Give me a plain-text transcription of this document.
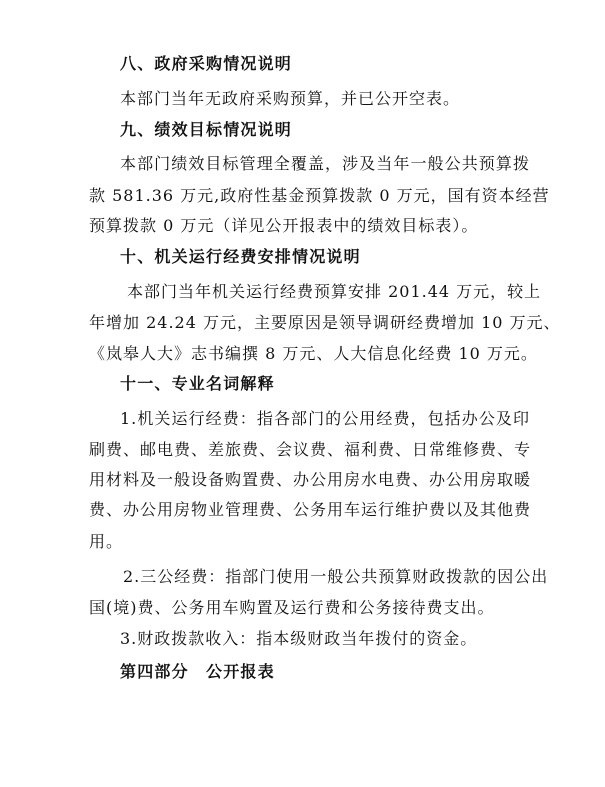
八、政府采购情况说明
本部门当年无政府采购预算，并已公开空表。
九、绩效目标情况说明
本部门绩效目标管理全覆盖，涉及当年一般公共预算拨
款 581.36 万元,政府性基金预算拨款 0 万元，国有资本经营
预算拨款 0 万元（详见公开报表中的绩效目标表）。
十、机关运行经费安排情况说明
本部门当年机关运行经费预算安排 201.44 万元，较上
年增加 24.24 万元，主要原因是领导调研经费增加 10 万元、
《岚皋人大》志书编撰 8 万元、人大信息化经费 10 万元。
十一、专业名词解释
1.机关运行经费：指各部门的公用经费，包括办公及印
刷费、邮电费、差旅费、会议费、福利费、日常维修费、专
用材料及一般设备购置费、办公用房水电费、办公用房取暖
费、办公用房物业管理费、公务用车运行维护费以及其他费
用。
2.三公经费：指部门使用一般公共预算财政拨款的因公出
国(境)费、公务用车购置及运行费和公务接待费支出。
3.财政拨款收入：指本级财政当年拨付的资金。
第四部分　公开报表
